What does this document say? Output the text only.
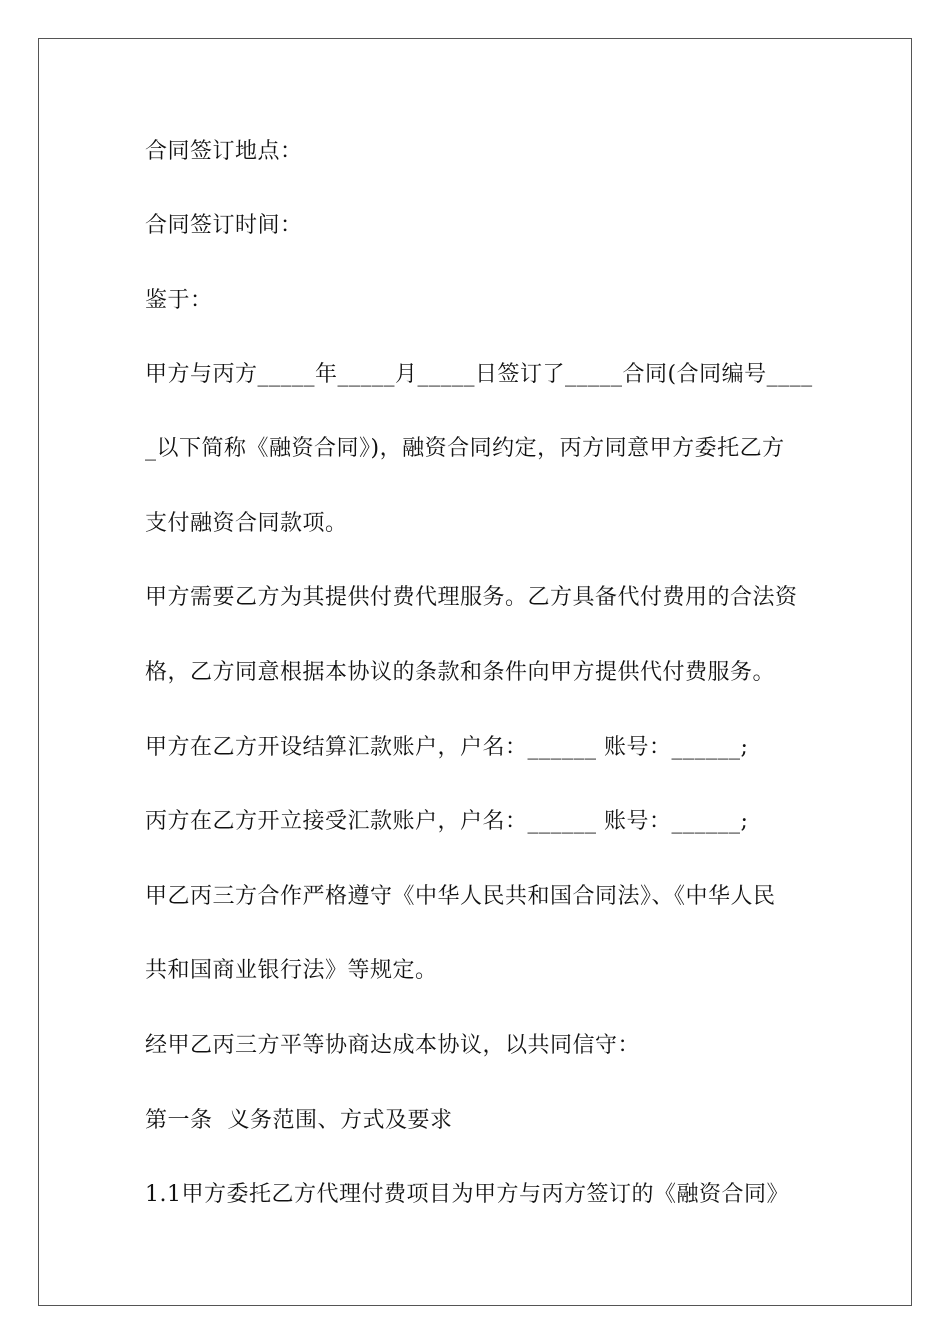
合同签订地点：
合同签订时间：
鉴于：
甲方与丙方_____年_____月_____日签订了_____合同(合同编号____
_以下简称《融资合同》)，融资合同约定，丙方同意甲方委托乙方
支付融资合同款项。
甲方需要乙方为其提供付费代理服务。乙方具备代付费用的合法资
格，乙方同意根据本协议的条款和条件向甲方提供代付费服务。
甲方在乙方开设结算汇款账户，户名：______ 账号：______;
丙方在乙方开立接受汇款账户，户名：______ 账号：______;
甲乙丙三方合作严格遵守《中华人民共和国合同法》、《中华人民
共和国商业银行法》等规定。
经甲乙丙三方平等协商达成本协议，以共同信守：
第一条  义务范围、方式及要求
1.1甲方委托乙方代理付费项目为甲方与丙方签订的《融资合同》
